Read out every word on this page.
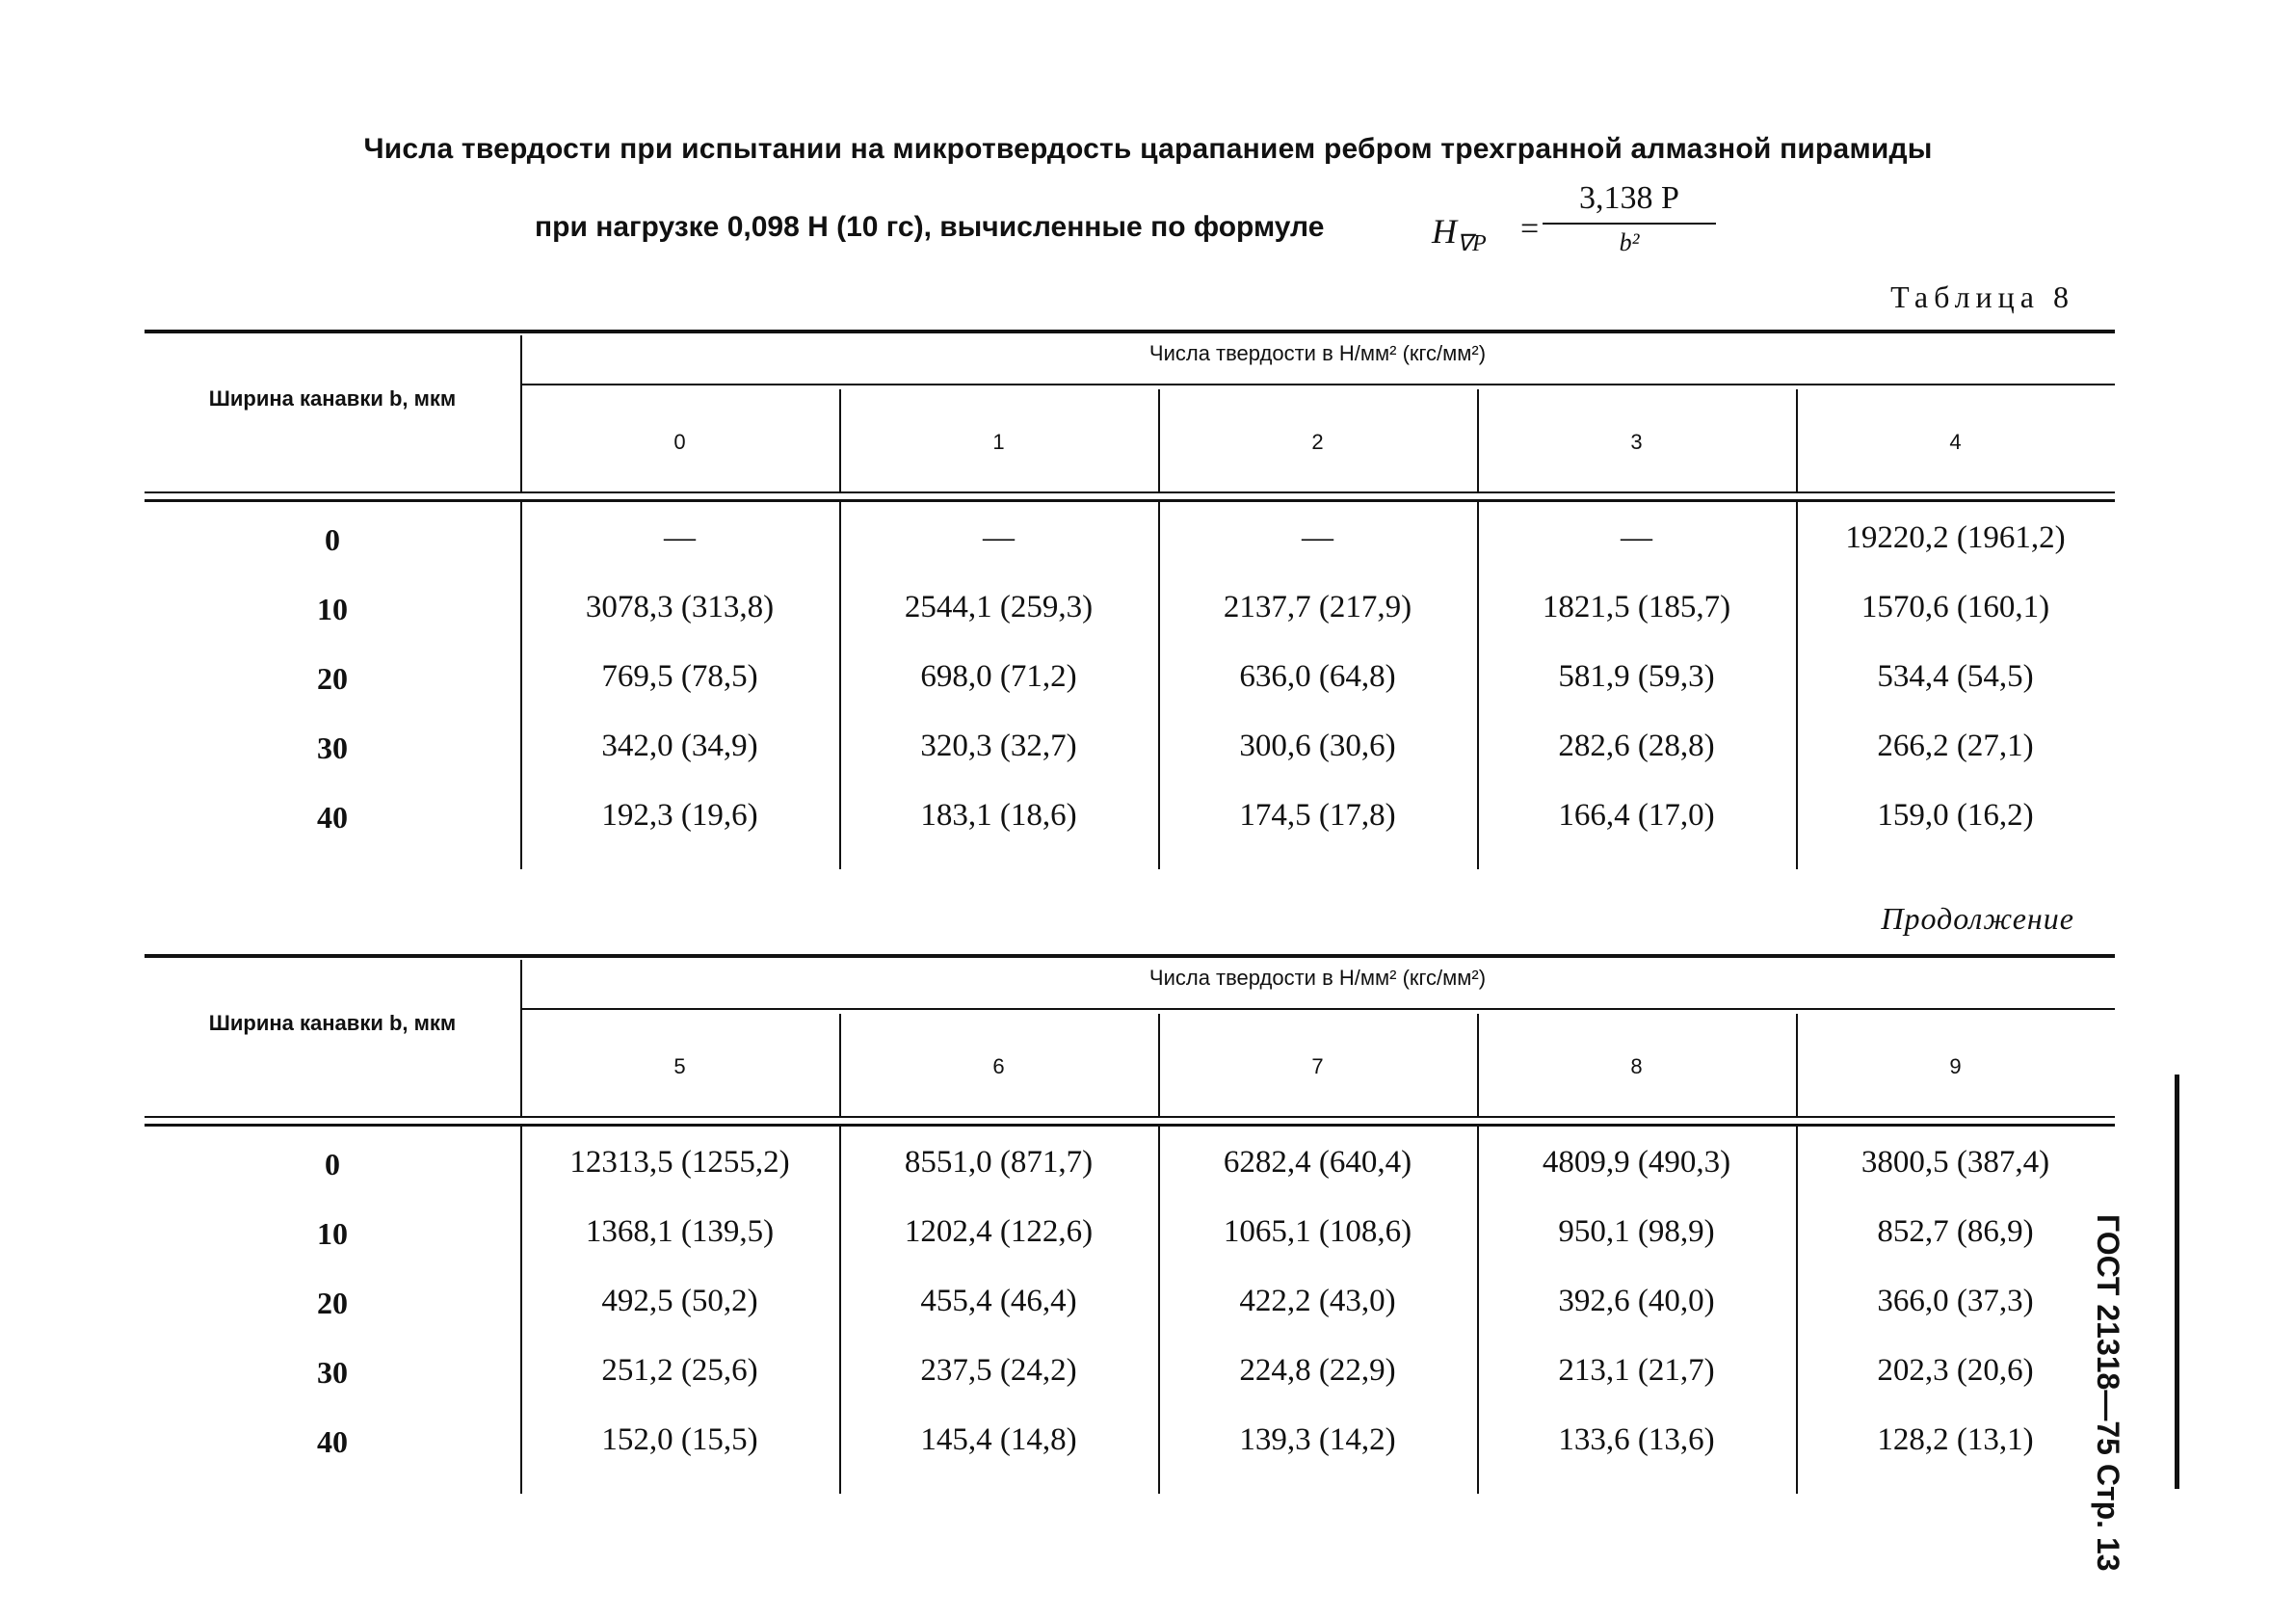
Числа твердости при испытании на микротвердость царапанием ребром трехгранной алмазной пирамиды
при нагрузке 0,098 Н (10 гс), вычисленные по формуле	$H_{\nabla P}$ =
3,138 P
b²
Таблица 8
Ширина канавки b, мкм
Числа твердости в Н/мм² (кгс/мм²)
0	1	2	3	4
0	—	—	—	—	19220,2 (1961,2)
10	3078,3 (313,8)	2544,1 (259,3)	2137,7 (217,9)	1821,5 (185,7)	1570,6 (160,1)
20	769,5 (78,5)	698,0 (71,2)	636,0 (64,8)	581,9 (59,3)	534,4 (54,5)
30	342,0 (34,9)	320,3 (32,7)	300,6 (30,6)	282,6 (28,8)	266,2 (27,1)
40	192,3 (19,6)	183,1 (18,6)	174,5 (17,8)	166,4 (17,0)	159,0 (16,2)
Продолжение
Ширина канавки b, мкм
Числа твердости в Н/мм² (кгс/мм²)
5	6	7	8	9
0	12313,5 (1255,2)	8551,0 (871,7)	6282,4 (640,4)	4809,9 (490,3)	3800,5 (387,4)
10	1368,1 (139,5)	1202,4 (122,6)	1065,1 (108,6)	950,1 (98,9)	852,7 (86,9)
20	492,5 (50,2)	455,4 (46,4)	422,2 (43,0)	392,6 (40,0)	366,0 (37,3)
30	251,2 (25,6)	237,5 (24,2)	224,8 (22,9)	213,1 (21,7)	202,3 (20,6)
40	152,0 (15,5)	145,4 (14,8)	139,3 (14,2)	133,6 (13,6)	128,2 (13,1)	ГОСТ 21318—75 Стр. 13
